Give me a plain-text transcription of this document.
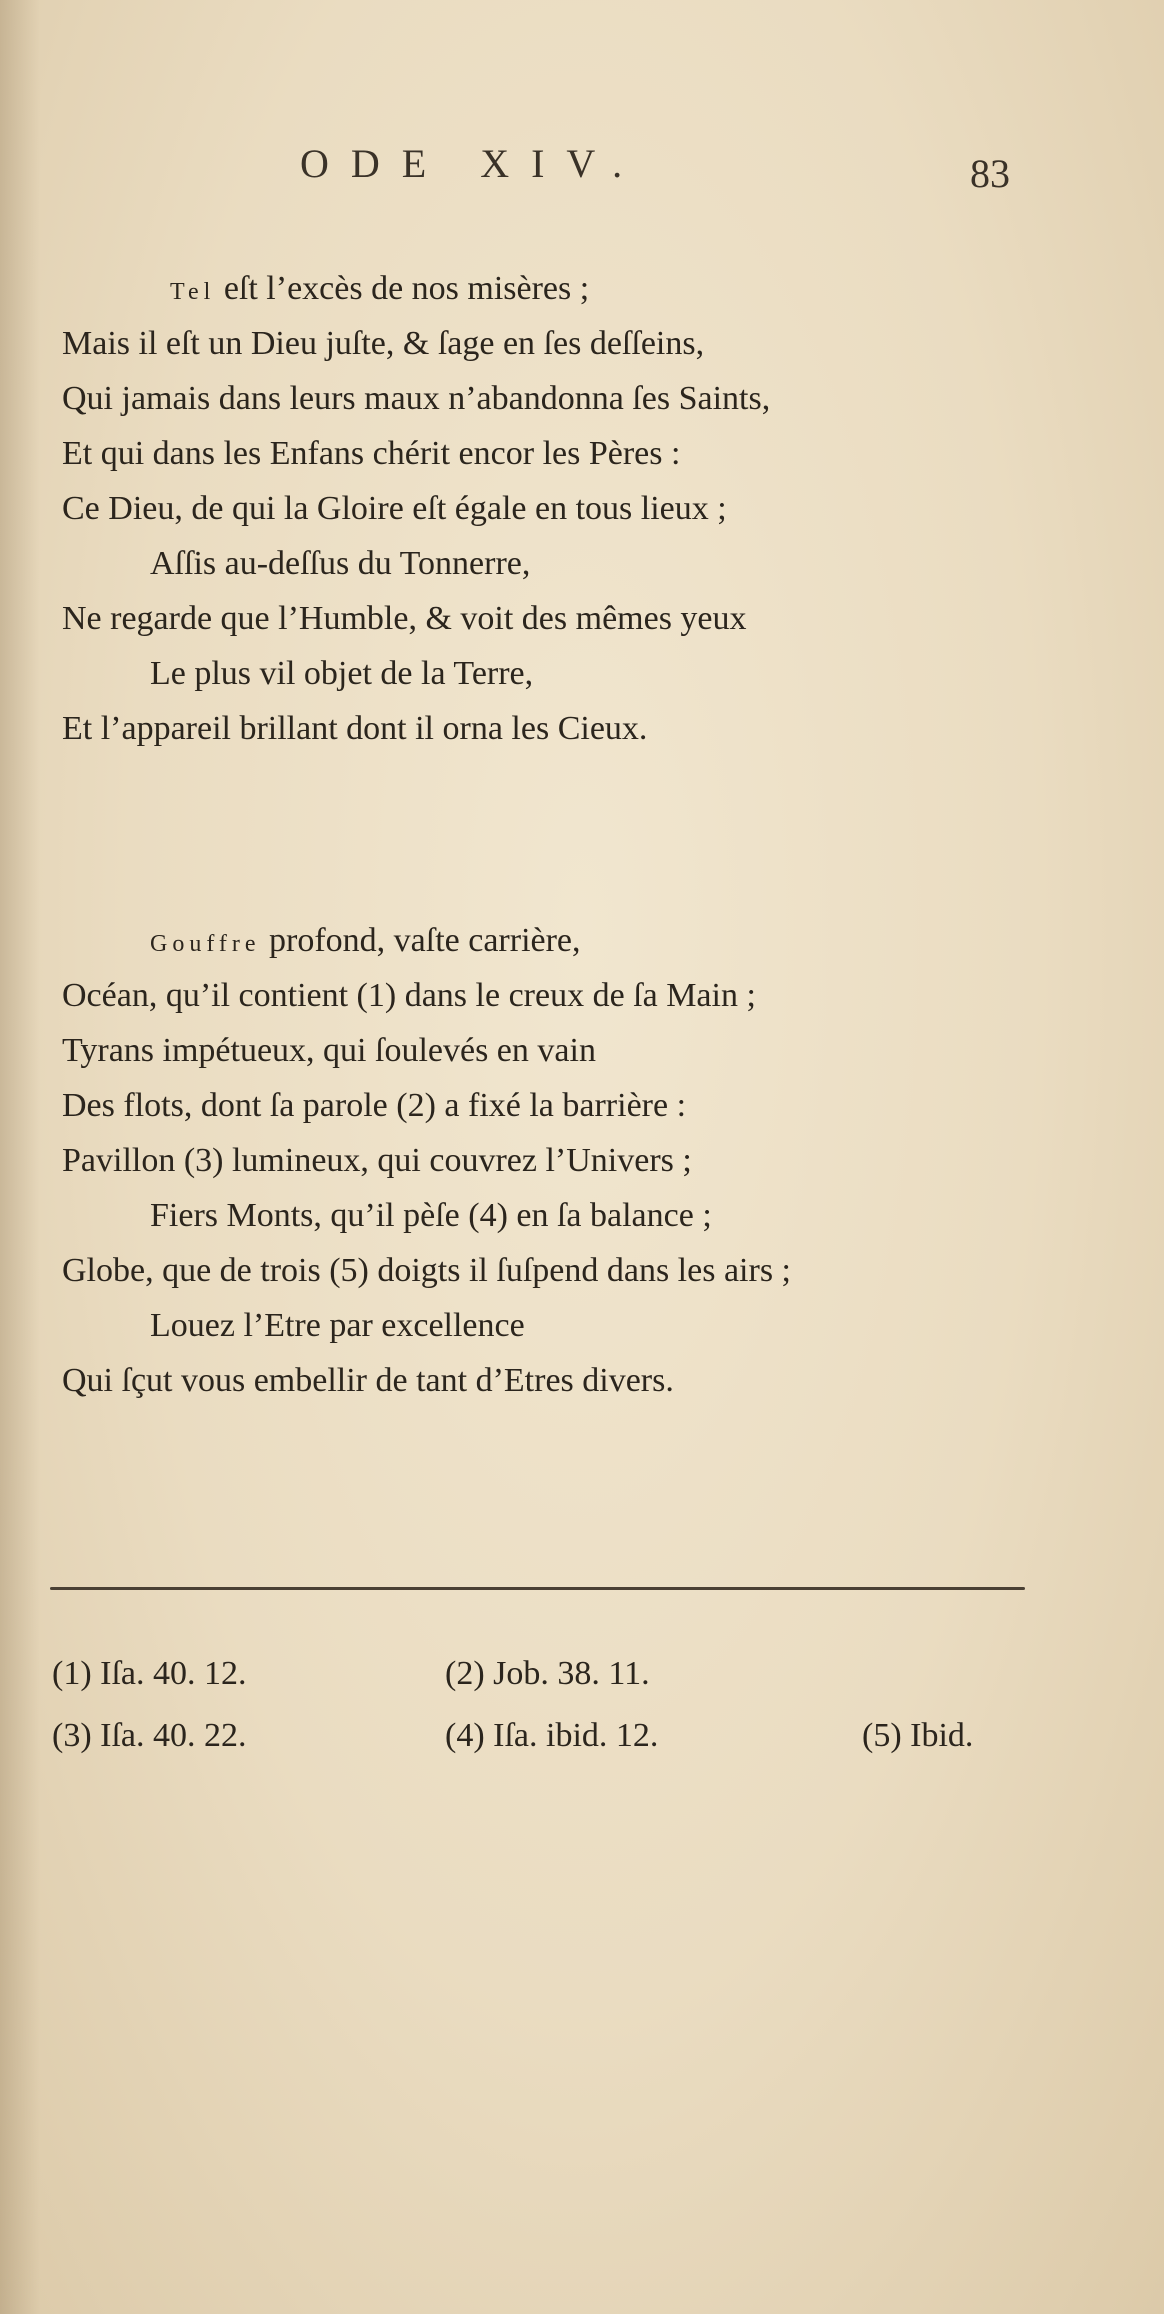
ODE XIV.	83
Tel eſt l’excès de nos misères ;
Mais il eſt un Dieu juſte, & ſage en ſes deſſeins,
Qui jamais dans leurs maux n’abandonna ſes Saints,
Et qui dans les Enfans chérit encor les Pères :
Ce Dieu, de qui la Gloire eſt égale en tous lieux ;
Aſſis au-deſſus du Tonnerre,
Ne regarde que l’Humble, & voit des mêmes yeux
Le plus vil objet de la Terre,
Et l’appareil brillant dont il orna les Cieux.
Gouffre profond, vaſte carrière,
Océan, qu’il contient (1) dans le creux de ſa Main ;
Tyrans impétueux, qui ſoulevés en vain
Des flots, dont ſa parole (2) a fixé la barrière :
Pavillon (3) lumineux, qui couvrez l’Univers ;
Fiers Monts, qu’il pèſe (4) en ſa balance ;
Globe, que de trois (5) doigts il ſuſpend dans les airs ;
Louez l’Etre par excellence
Qui ſçut vous embellir de tant d’Etres divers.
(1) Iſa. 40. 12.	(2) Job. 38. 11.
(3) Iſa. 40. 22.	(4) Iſa. ibid. 12.	(5) Ibid.
